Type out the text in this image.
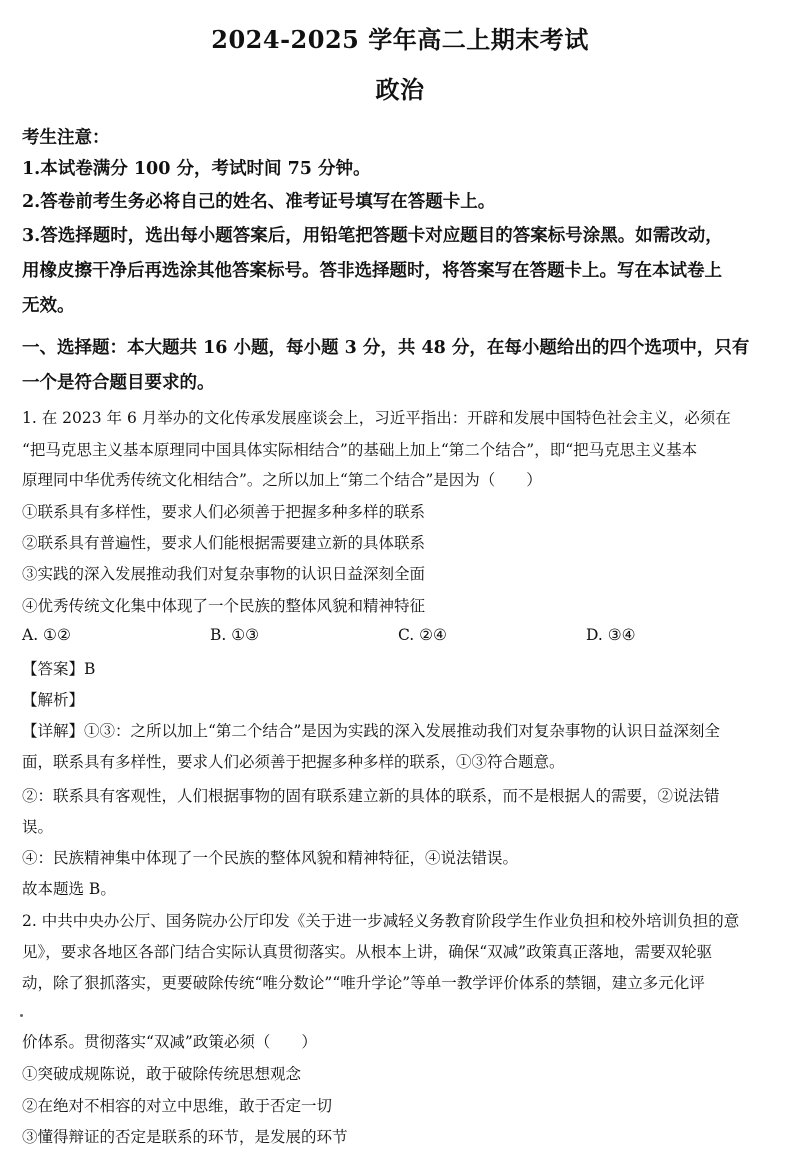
2024-2025 学年高二上期末考试
政治
考生注意：
1.本试卷满分 100 分，考试时间 75 分钟。
2.答卷前考生务必将自己的姓名、准考证号填写在答题卡上。
3.答选择题时，选出每小题答案后，用铅笔把答题卡对应题目的答案标号涂黑。如需改动，
用橡皮擦干净后再选涂其他答案标号。答非选择题时，将答案写在答题卡上。写在本试卷上
无效。
一、选择题：本大题共 16 小题，每小题 3 分，共 48 分，在每小题给出的四个选项中，只有
一个是符合题目要求的。
1. 在 2023 年 6 月举办的文化传承发展座谈会上，习近平指出：开辟和发展中国特色社会主义，必须在
“把马克思主义基本原理同中国具体实际相结合”的基础上加上“第二个结合”，即“把马克思主义基本
原理同中华优秀传统文化相结合”。之所以加上“第二个结合”是因为（　　）
①联系具有多样性，要求人们必须善于把握多种多样的联系
②联系具有普遍性，要求人们能根据需要建立新的具体联系
③实践的深入发展推动我们对复杂事物的认识日益深刻全面
④优秀传统文化集中体现了一个民族的整体风貌和精神特征
A. ①②	B. ①③	C. ②④	D. ③④
【答案】B
【解析】
【详解】①③：之所以加上“第二个结合”是因为实践的深入发展推动我们对复杂事物的认识日益深刻全
面，联系具有多样性，要求人们必须善于把握多种多样的联系，①③符合题意。
②：联系具有客观性，人们根据事物的固有联系建立新的具体的联系，而不是根据人的需要，②说法错
误。
④：民族精神集中体现了一个民族的整体风貌和精神特征，④说法错误。
故本题选 B。
2. 中共中央办公厅、国务院办公厅印发《关于进一步减轻义务教育阶段学生作业负担和校外培训负担的意
见》，要求各地区各部门结合实际认真贯彻落实。从根本上讲，确保“双减”政策真正落地，需要双轮驱
动，除了狠抓落实，更要破除传统“唯分数论”“唯升学论”等单一教学评价体系的禁锢，建立多元化评
价体系。贯彻落实“双减”政策必须（　　）
①突破成规陈说，敢于破除传统思想观念
②在绝对不相容的对立中思维，敢于否定一切
③懂得辩证的否定是联系的环节，是发展的环节
